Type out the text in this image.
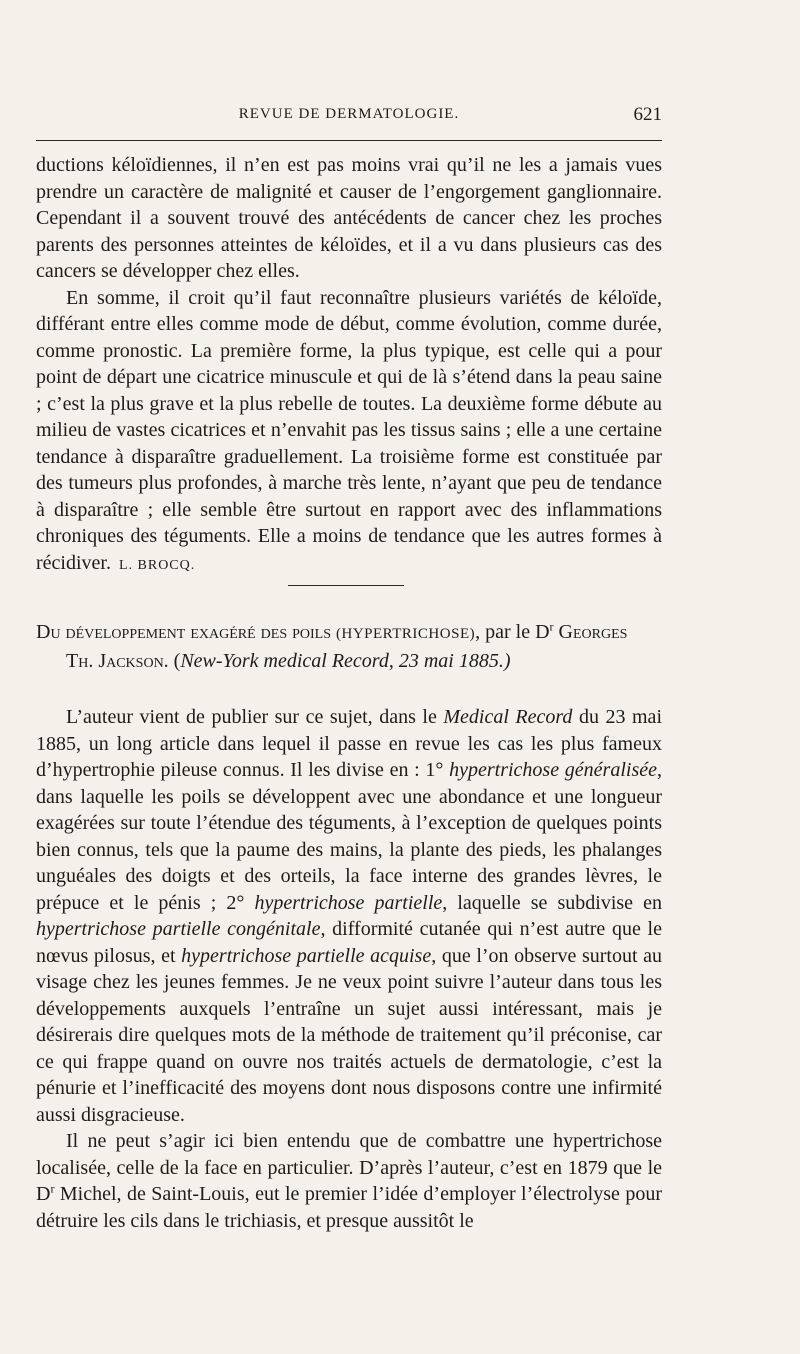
REVUE DE DERMATOLOGIE.	621

ductions kéloïdiennes, il n’en est pas moins vrai qu’il ne les a jamais vues prendre un caractère de malignité et causer de l’engorgement ganglionnaire. Cependant il a souvent trouvé des antécédents de cancer chez les proches parents des personnes atteintes de kéloïdes, et il a vu dans plusieurs cas des cancers se développer chez elles.

En somme, il croit qu’il faut reconnaître plusieurs variétés de kéloïde, différant entre elles comme mode de début, comme évolution, comme durée, comme pronostic. La première forme, la plus typique, est celle qui a pour point de départ une cicatrice minuscule et qui de là s’étend dans la peau saine ; c’est la plus grave et la plus rebelle de toutes. La deuxième forme débute au milieu de vastes cicatrices et n’envahit pas les tissus sains ; elle a une certaine tendance à disparaître graduellement. La troisième forme est constituée par des tumeurs plus profondes, à marche très lente, n’ayant que peu de tendance à disparaître ; elle semble être surtout en rapport avec des inflammations chroniques des téguments. Elle a moins de tendance que les autres formes à récidiver. L. BROCQ.

Du développement exagéré des poils (HYPERTRICHOSE), par le $D^r$ Georges

Th. Jackson. (New-York medical Record, 23 mai 1885.)

L’auteur vient de publier sur ce sujet, dans le Medical Record du 23 mai 1885, un long article dans lequel il passe en revue les cas les plus fameux d’hypertrophie pileuse connus. Il les divise en : 1° hypertrichose généralisée, dans laquelle les poils se développent avec une abondance et une longueur exagérées sur toute l’étendue des téguments, à l’exception de quelques points bien connus, tels que la paume des mains, la plante des pieds, les phalanges unguéales des doigts et des orteils, la face interne des grandes lèvres, le prépuce et le pénis ; 2° hypertrichose partielle, laquelle se subdivise en hypertrichose partielle congénitale, difformité cutanée qui n’est autre que le nœvus pilosus, et hypertrichose partielle acquise, que l’on observe surtout au visage chez les jeunes femmes. Je ne veux point suivre l’auteur dans tous les développements auxquels l’entraîne un sujet aussi intéressant, mais je désirerais dire quelques mots de la méthode de traitement qu’il préconise, car ce qui frappe quand on ouvre nos traités actuels de dermatologie, c’est la pénurie et l’inefficacité des moyens dont nous disposons contre une infirmité aussi disgracieuse.

Il ne peut s’agir ici bien entendu que de combattre une hypertrichose localisée, celle de la face en particulier. D’après l’auteur, c’est en 1879 que le $D^r$ Michel, de Saint-Louis, eut le premier l’idée d’employer l’électrolyse pour détruire les cils dans le trichiasis, et presque aussitôt le
